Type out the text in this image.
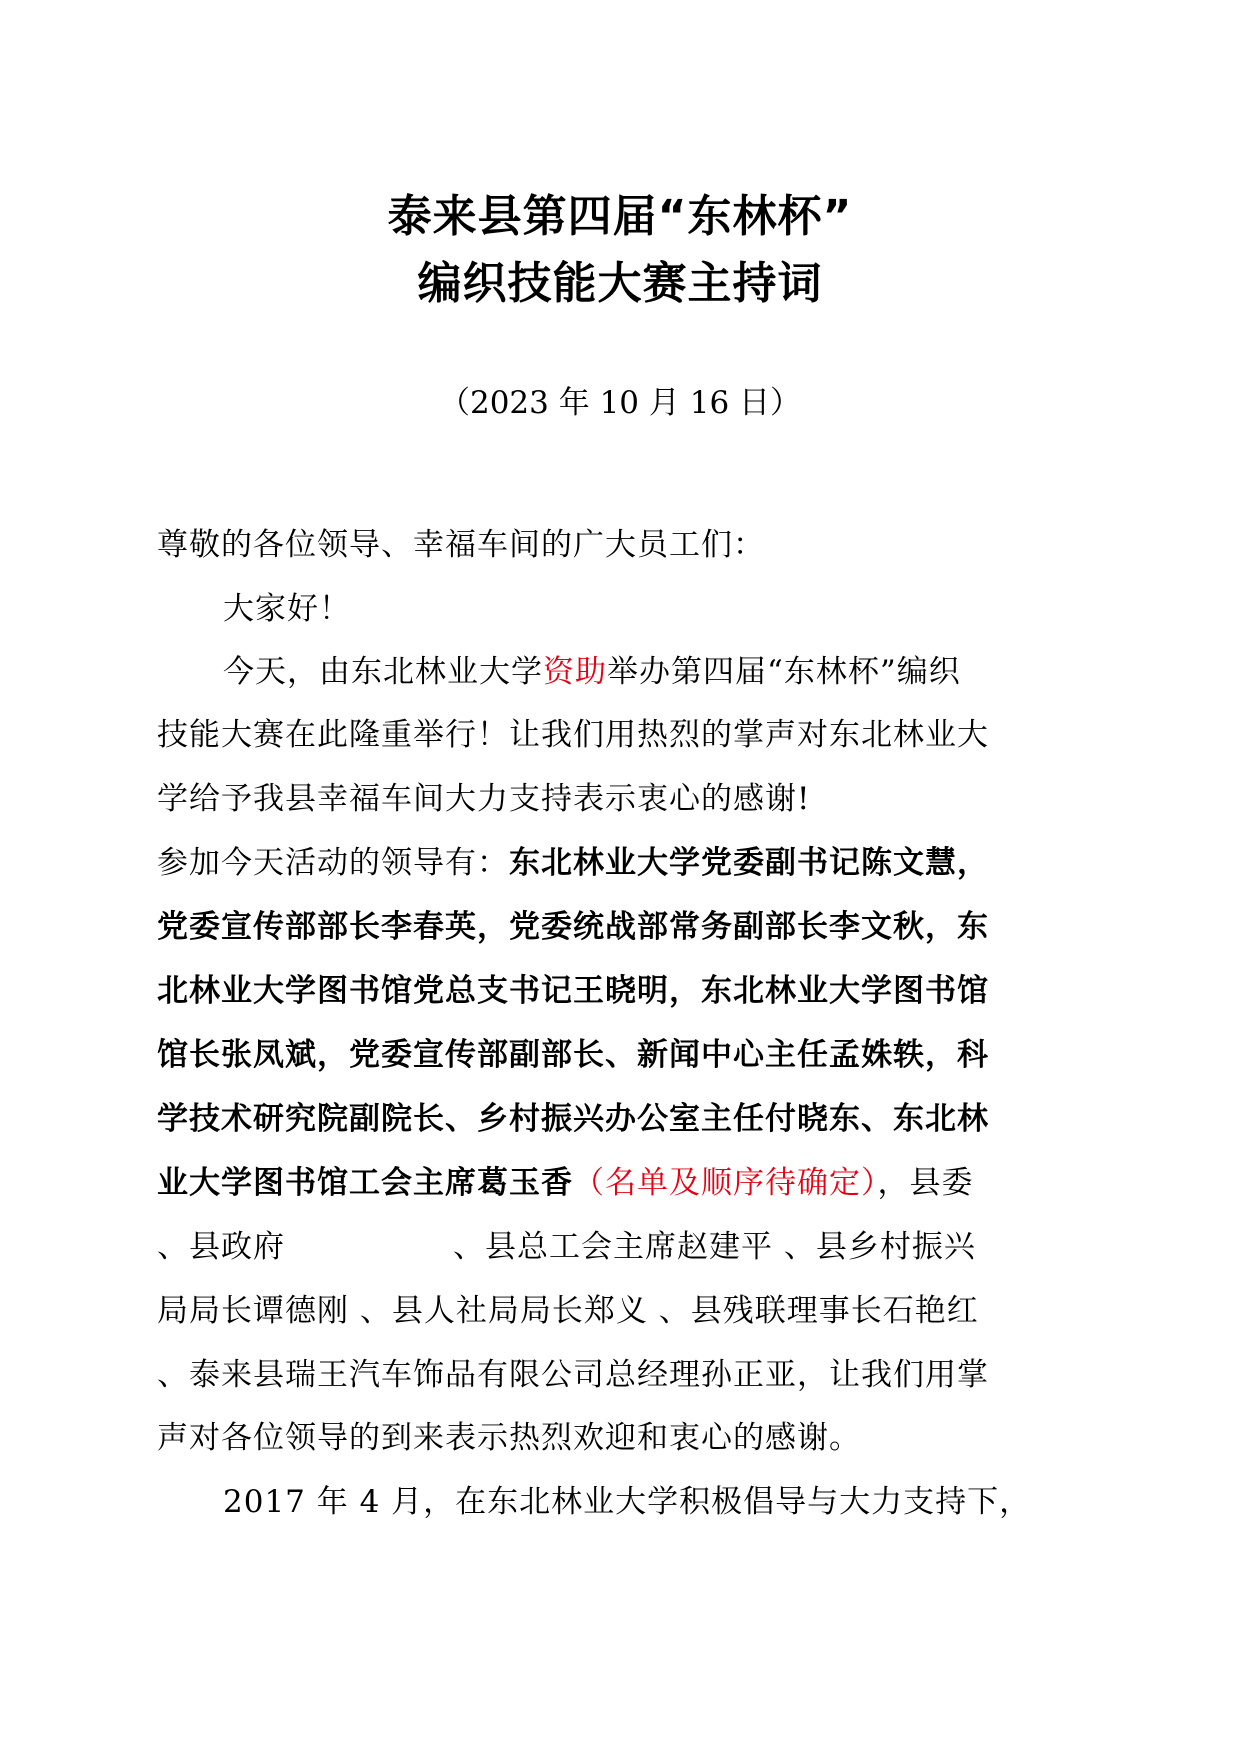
泰来县第四届“东林杯”
编织技能大赛主持词
（2023 年 10 月 16 日）
尊敬的各位领导、幸福车间的广大员工们：
大家好！
今天，由东北林业大学资助举办第四届“东林杯”编织
技能大赛在此隆重举行！让我们用热烈的掌声对东北林业大
学给予我县幸福车间大力支持表示衷心的感谢!
参加今天活动的领导有：东北林业大学党委副书记陈文慧，
党委宣传部部长李春英，党委统战部常务副部长李文秋，东
北林业大学图书馆党总支书记王晓明，东北林业大学图书馆
馆长张凤斌，党委宣传部副部长、新闻中心主任孟姝轶，科
学技术研究院副院长、乡村振兴办公室主任付晓东、东北林
业大学图书馆工会主席葛玉香（名单及顺序待确定），县委
、县政府	、县总工会主席赵建平 、县乡村振兴
局局长谭德刚 、县人社局局长郑义 、县残联理事长石艳红
、泰来县瑞王汽车饰品有限公司总经理孙正亚，让我们用掌
声对各位领导的到来表示热烈欢迎和衷心的感谢。
2017 年 4 月，在东北林业大学积极倡导与大力支持下，
